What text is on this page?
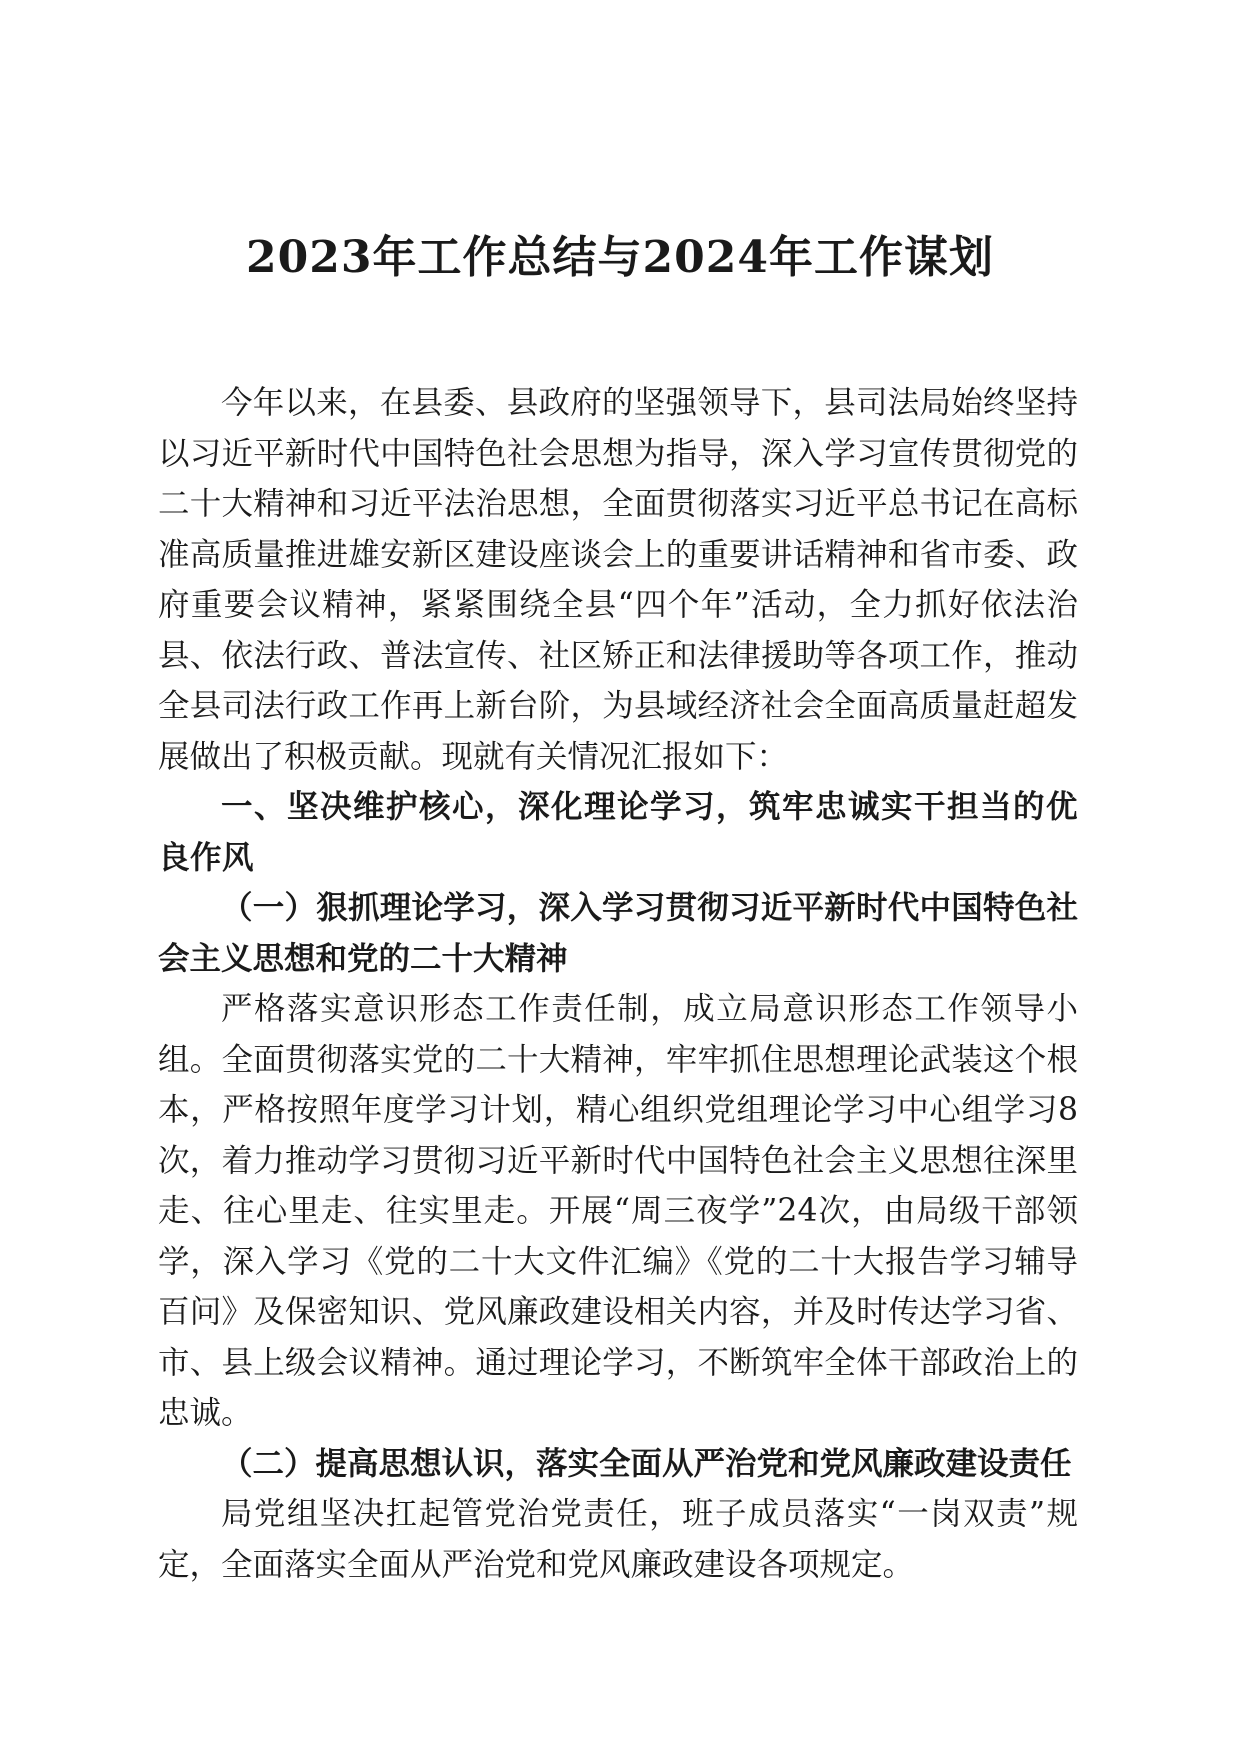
2023年工作总结与2024年工作谋划

今年以来，在县委、县政府的坚强领导下，县司法局始终坚持以习近平新时代中国特色社会思想为指导，深入学习宣传贯彻党的二十大精神和习近平法治思想，全面贯彻落实习近平总书记在高标准高质量推进雄安新区建设座谈会上的重要讲话精神和省市委、政府重要会议精神，紧紧围绕全县“四个年”活动，全力抓好依法治县、依法行政、普法宣传、社区矫正和法律援助等各项工作，推动全县司法行政工作再上新台阶，为县域经济社会全面高质量赶超发展做出了积极贡献。现就有关情况汇报如下：

一、坚决维护核心，深化理论学习，筑牢忠诚实干担当的优良作风

（一）狠抓理论学习，深入学习贯彻习近平新时代中国特色社会主义思想和党的二十大精神

严格落实意识形态工作责任制，成立局意识形态工作领导小组。全面贯彻落实党的二十大精神，牢牢抓住思想理论武装这个根本，严格按照年度学习计划，精心组织党组理论学习中心组学习8次，着力推动学习贯彻习近平新时代中国特色社会主义思想往深里走、往心里走、往实里走。开展“周三夜学”24次，由局级干部领学，深入学习《党的二十大文件汇编》《党的二十大报告学习辅导百问》及保密知识、党风廉政建设相关内容，并及时传达学习省、市、县上级会议精神。通过理论学习，不断筑牢全体干部政治上的忠诚。

（二）提高思想认识，落实全面从严治党和党风廉政建设责任

局党组坚决扛起管党治党责任，班子成员落实“一岗双责”规定，全面落实全面从严治党和党风廉政建设各项规定。
